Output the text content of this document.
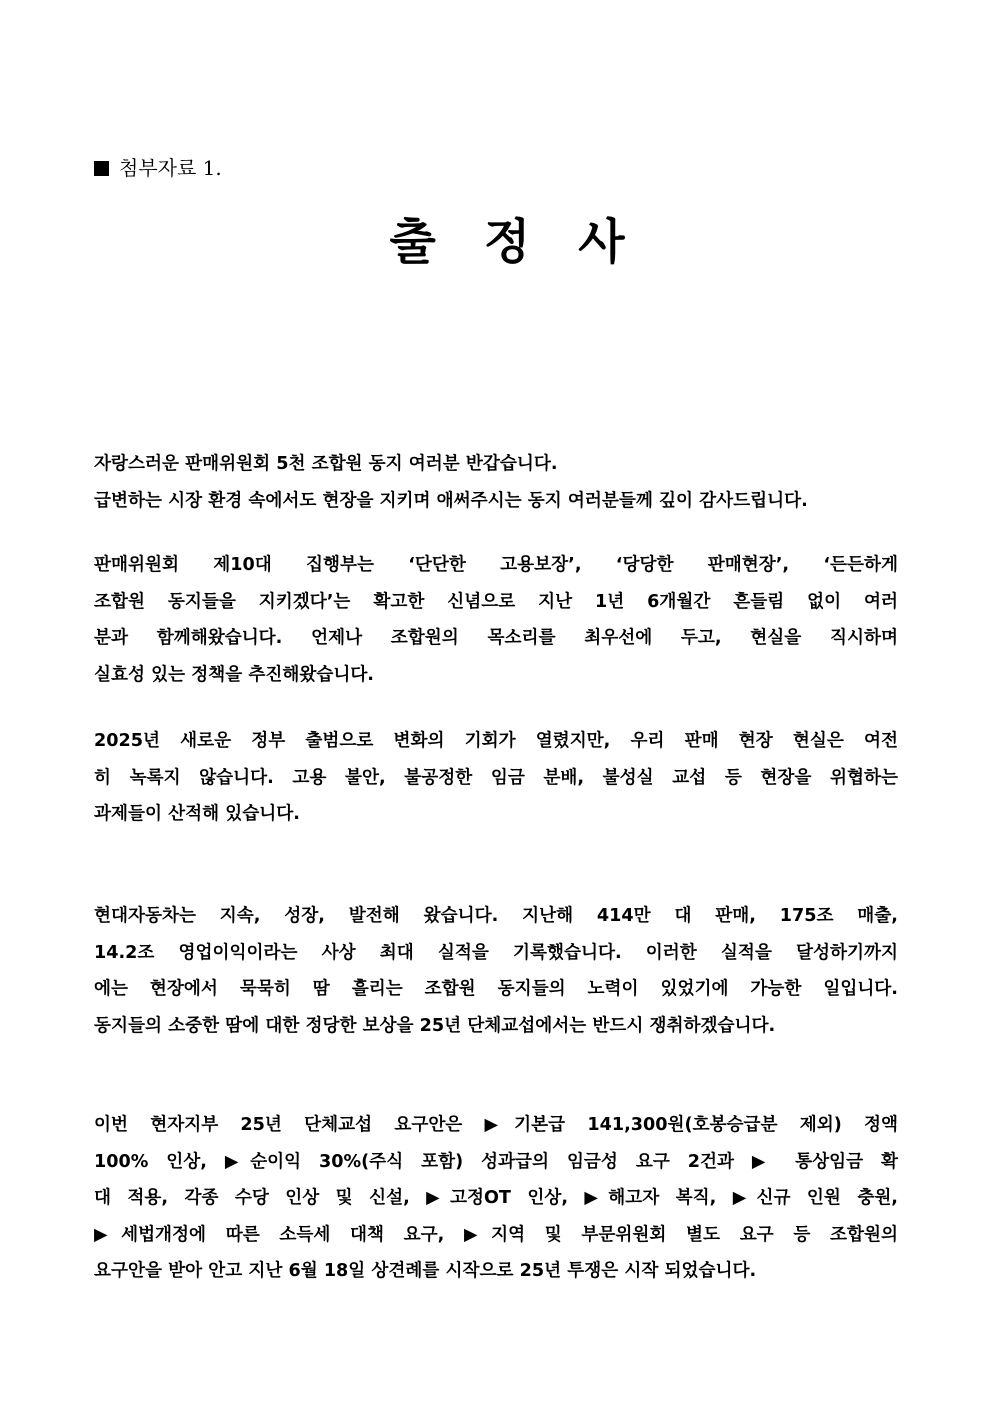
첨부자료 1.
출 정 사
자랑스러운 판매위원회 5천 조합원 동지 여러분 반갑습니다.
급변하는 시장 환경 속에서도 현장을 지키며 애써주시는 동지 여러분들께 깊이 감사드립니다.
판매위원회 제10대 집행부는 ‘단단한 고용보장’, ‘당당한 판매현장’, ‘든든하게
조합원 동지들을 지키겠다’는 확고한 신념으로 지난 1년 6개월간 흔들림 없이 여러
분과 함께해왔습니다. 언제나 조합원의 목소리를 최우선에 두고, 현실을 직시하며
실효성 있는 정책을 추진해왔습니다.
2025년 새로운 정부 출범으로 변화의 기회가 열렸지만, 우리 판매 현장 현실은 여전
히 녹록지 않습니다. 고용 불안, 불공정한 임금 분배, 불성실 교섭 등 현장을 위협하는
과제들이 산적해 있습니다.
현대자동차는 지속, 성장, 발전해 왔습니다. 지난해 414만 대 판매, 175조 매출,
14.2조 영업이익이라는 사상 최대 실적을 기록했습니다. 이러한 실적을 달성하기까지
에는 현장에서 묵묵히 땀 흘리는 조합원 동지들의 노력이 있었기에 가능한 일입니다.
동지들의 소중한 땀에 대한 정당한 보상을 25년 단체교섭에서는 반드시 쟁취하겠습니다.
이번 현자지부 25년 단체교섭 요구안은 ▶기본급 141,300원(호봉승급분 제외) 정액
100% 인상, ▶순이익 30%(주식 포함) 성과급의 임금성 요구 2건과 ▶ 통상임금 확
대 적용, 각종 수당 인상 및 신설, ▶고정OT 인상, ▶해고자 복직, ▶신규 인원 충원,
▶세법개정에 따른 소득세 대책 요구, ▶지역 및 부문위원회 별도 요구 등 조합원의
요구안을 받아 안고 지난 6월 18일 상견례를 시작으로 25년 투쟁은 시작 되었습니다.
